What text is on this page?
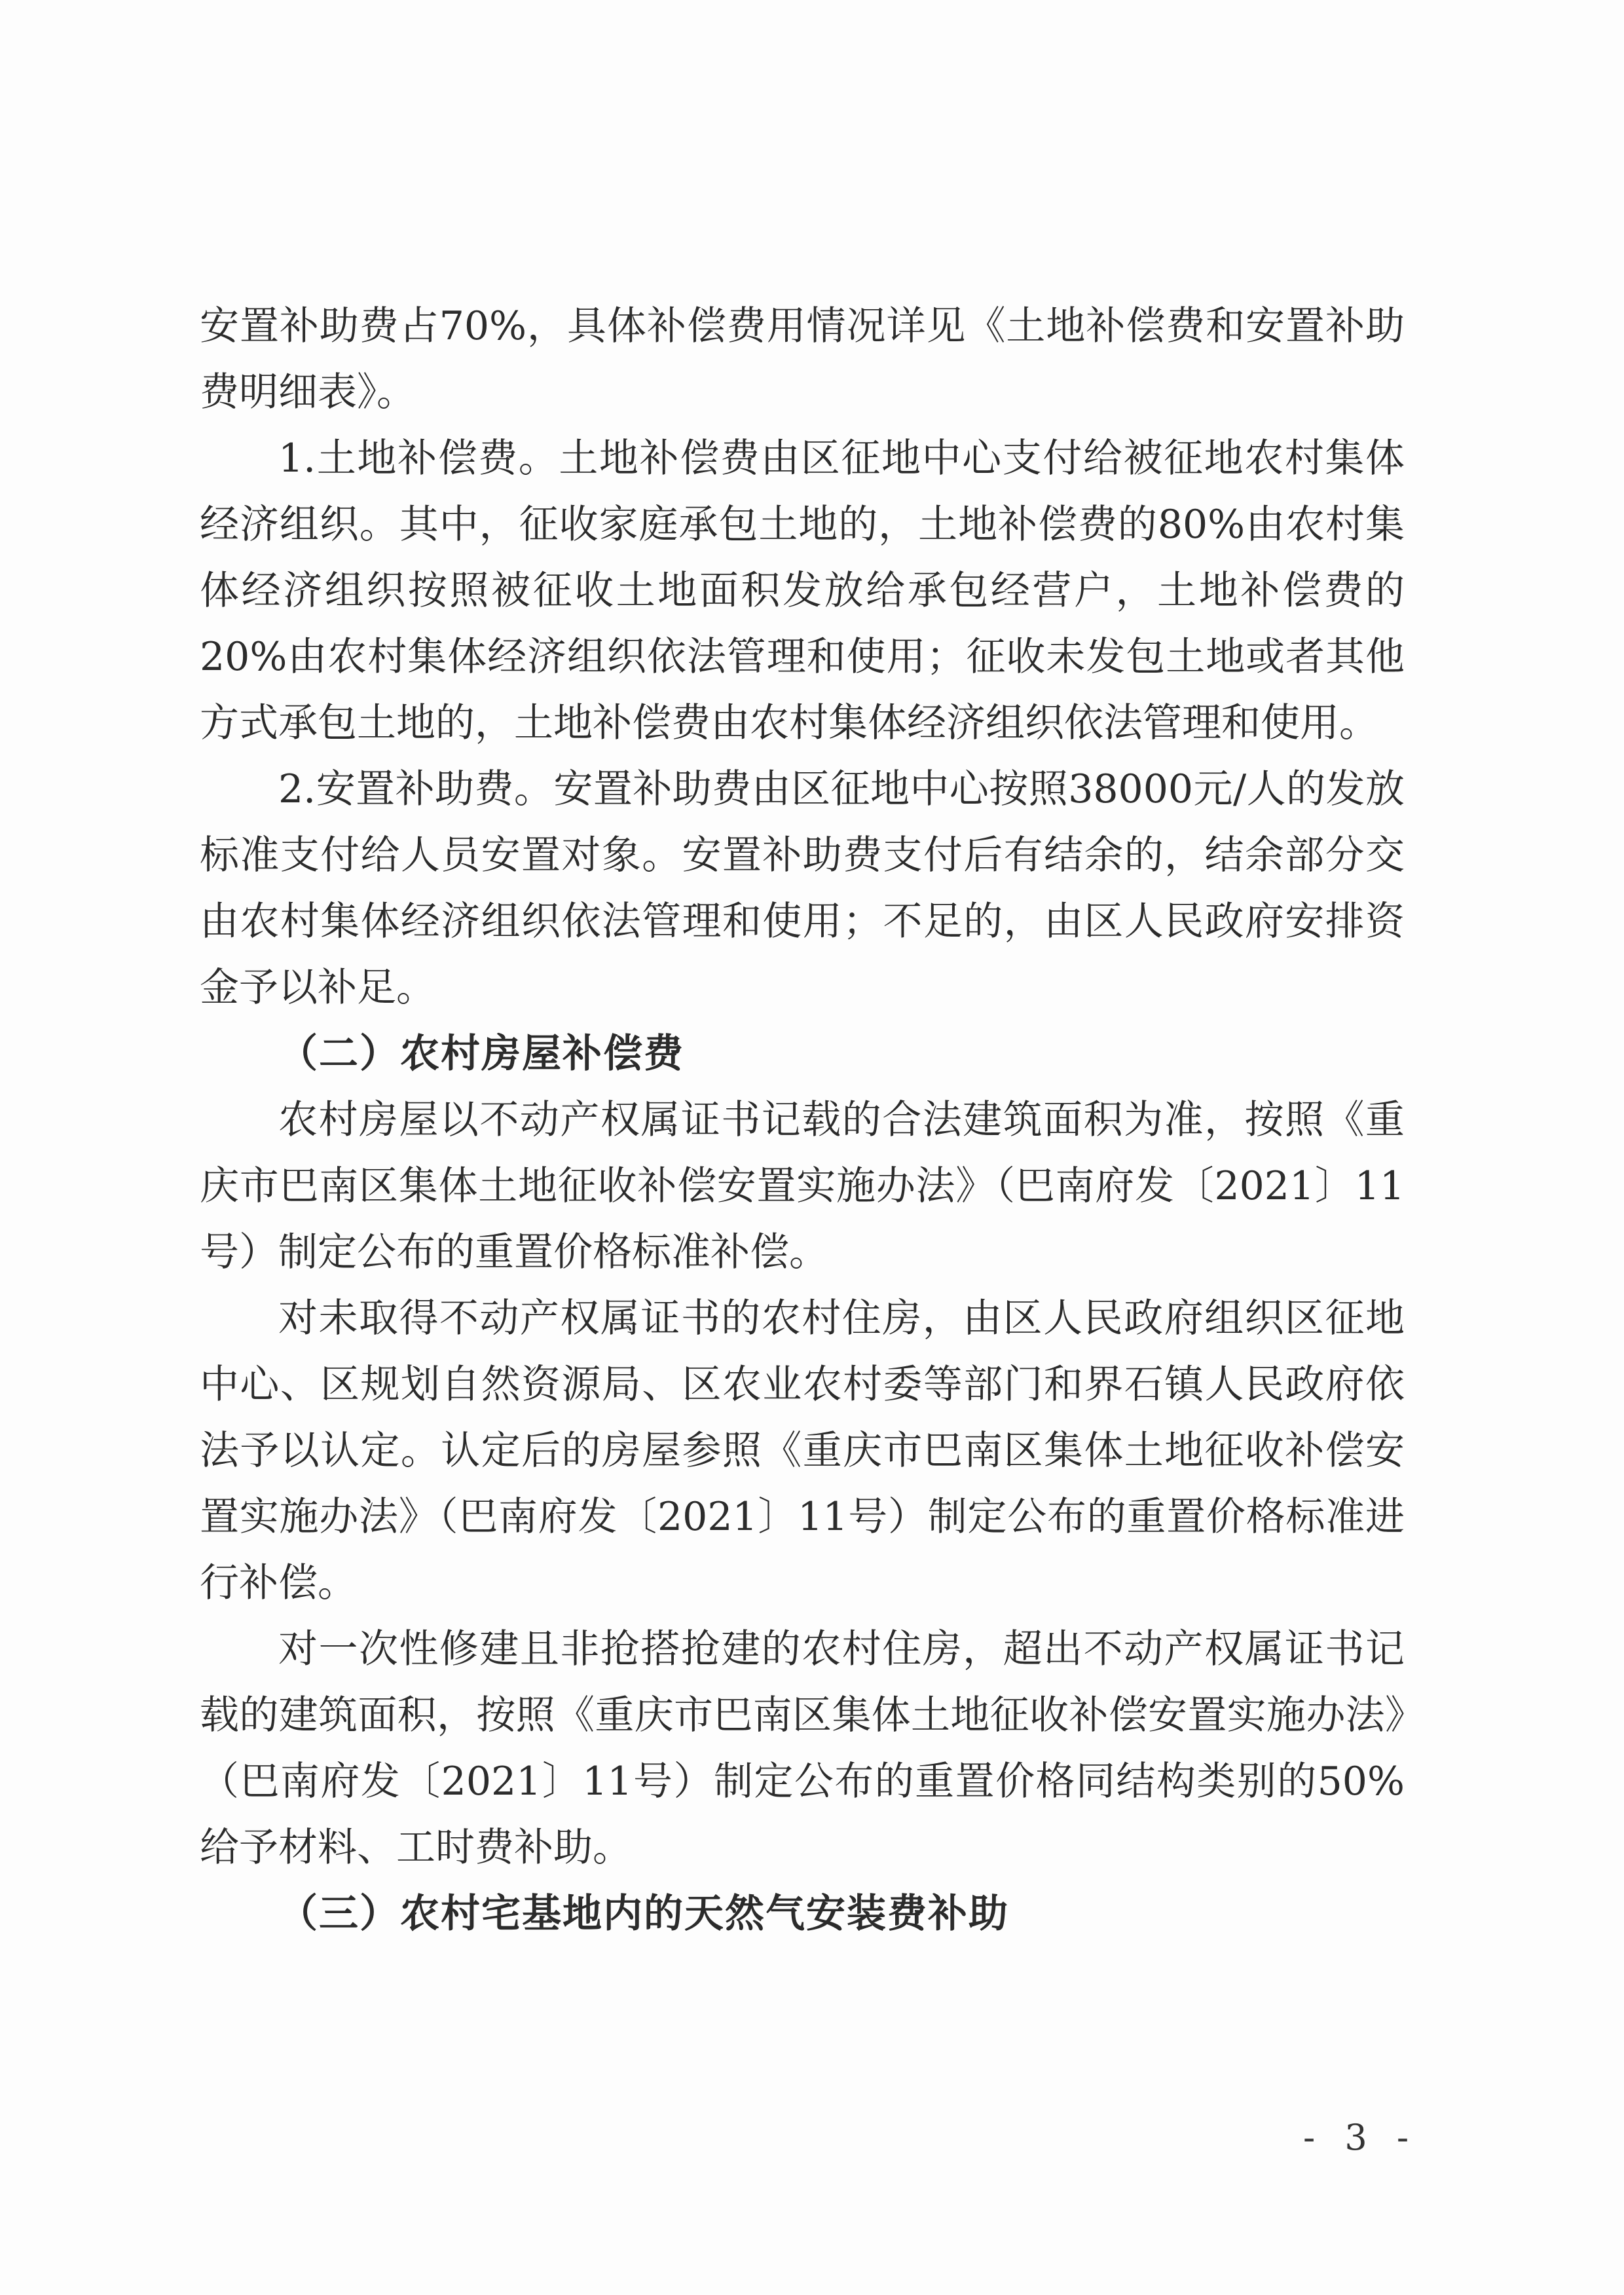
安置补助费占70%，具体补偿费用情况详见《土地补偿费和安置补助费明细表》。

1.土地补偿费。土地补偿费由区征地中心支付给被征地农村集体经济组织。其中，征收家庭承包土地的，土地补偿费的80%由农村集体经济组织按照被征收土地面积发放给承包经营户，土地补偿费的20%由农村集体经济组织依法管理和使用；征收未发包土地或者其他方式承包土地的，土地补偿费由农村集体经济组织依法管理和使用。

2.安置补助费。安置补助费由区征地中心按照38000元/人的发放标准支付给人员安置对象。安置补助费支付后有结余的，结余部分交由农村集体经济组织依法管理和使用；不足的，由区人民政府安排资金予以补足。

（二）农村房屋补偿费

农村房屋以不动产权属证书记载的合法建筑面积为准，按照《重庆市巴南区集体土地征收补偿安置实施办法》（巴南府发〔2021〕11号）制定公布的重置价格标准补偿。

对未取得不动产权属证书的农村住房，由区人民政府组织区征地中心、区规划自然资源局、区农业农村委等部门和界石镇人民政府依法予以认定。认定后的房屋参照《重庆市巴南区集体土地征收补偿安置实施办法》（巴南府发〔2021〕11号）制定公布的重置价格标准进行补偿。

对一次性修建且非抢搭抢建的农村住房，超出不动产权属证书记载的建筑面积，按照《重庆市巴南区集体土地征收补偿安置实施办法》（巴南府发〔2021〕11号）制定公布的重置价格同结构类别的50%给予材料、工时费补助。

（三）农村宅基地内的天然气安装费补助

- 3 -
